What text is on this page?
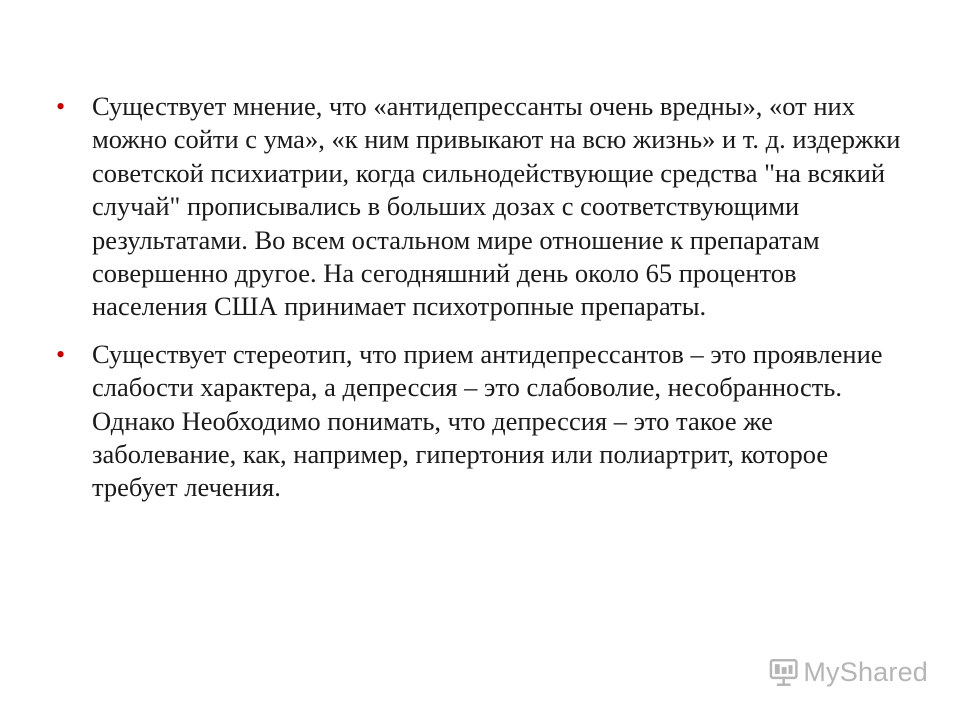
• Существует мнение, что «антидепрессанты очень вредны», «от них можно сойти с ума», «к ним привыкают на всю жизнь» и т. д. издержки советской психиатрии, когда сильнодействующие средства "на всякий случай" прописывались в больших дозах с соответствующими результатами. Во всем остальном мире отношение к препаратам совершенно другое. На сегодняшний день около 65 процентов населения США принимает психотропные препараты.
• Существует стереотип, что прием антидепрессантов – это проявление слабости характера, а депрессия – это слабоволие, несобранность. Однако Необходимо понимать, что депрессия – это такое же заболевание, как, например, гипертония или полиартрит, которое требует лечения.
MyShared
